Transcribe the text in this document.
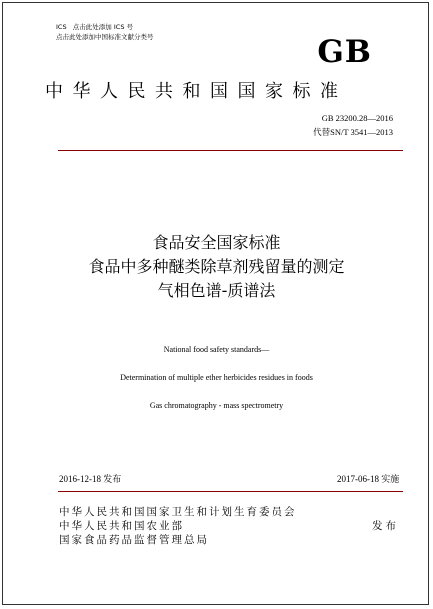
ICS 点击此处添加 ICS 号
点击此处添加中国标准文献分类号	GB
中华人民共和国国家标准
GB 23200.28—2016
代替SN/T 3541—2013
食品安全国家标准
食品中多种醚类除草剂残留量的测定
气相色谱-质谱法
National food safety standards—
Determination of multiple ether herbicides residues in foods
Gas chromatography - mass spectrometry
2016-12-18 发布	2017-06-18 实施
中华人民共和国国家卫生和计划生育委员会
中华人民共和国农业部
国家食品药品监督管理总局
发布
